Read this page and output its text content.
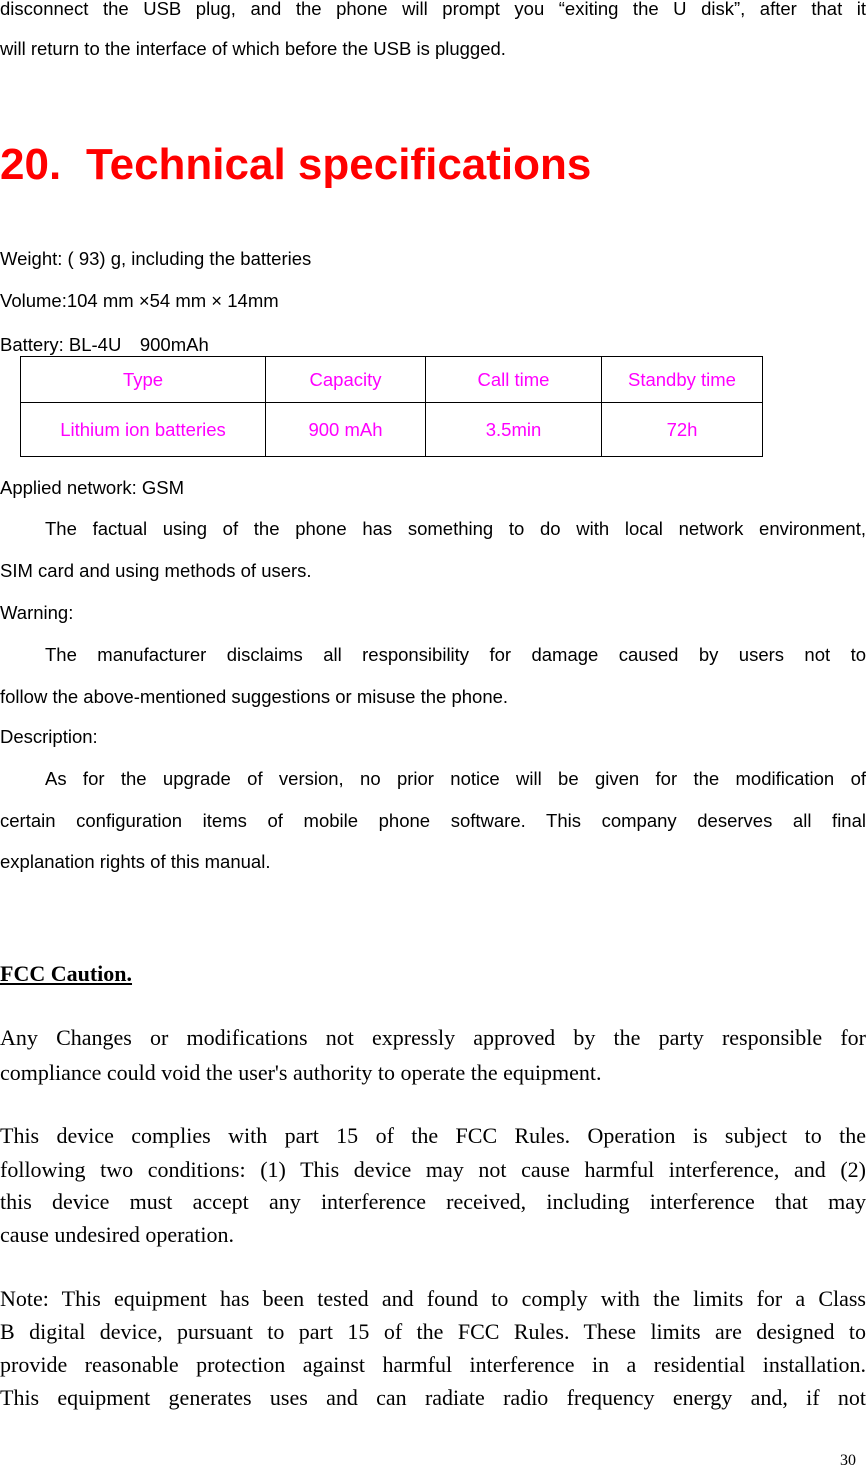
disconnect the USB plug, and the phone will prompt you “exiting the U disk”, after that it
will return to the interface of which before the USB is plugged.
20. Technical specifications
Weight: ( 93) g, including the batteries
Volume:104 mm ×54 mm × 14mm
Battery: BL-4U　900mAh
Type	Capacity	Call time	Standby time
Lithium ion batteries	900 mAh	3.5min	72h
Applied network: GSM
The factual using of the phone has something to do with local network environment,
SIM card and using methods of users.
Warning:
The manufacturer disclaims all responsibility for damage caused by users not to
follow the above-mentioned suggestions or misuse the phone.
Description:
As for the upgrade of version, no prior notice will be given for the modification of
certain configuration items of mobile phone software. This company deserves all final
explanation rights of this manual.
FCC Caution.
Any Changes or modifications not expressly approved by the party responsible for
compliance could void the user's authority to operate the equipment.
This device complies with part 15 of the FCC Rules. Operation is subject to the
following two conditions: (1) This device may not cause harmful interference, and (2)
this device must accept any interference received, including interference that may
cause undesired operation.
Note: This equipment has been tested and found to comply with the limits for a Class
B digital device, pursuant to part 15 of the FCC Rules. These limits are designed to
provide reasonable protection against harmful interference in a residential installation.
This equipment generates uses and can radiate radio frequency energy and, if not
30
